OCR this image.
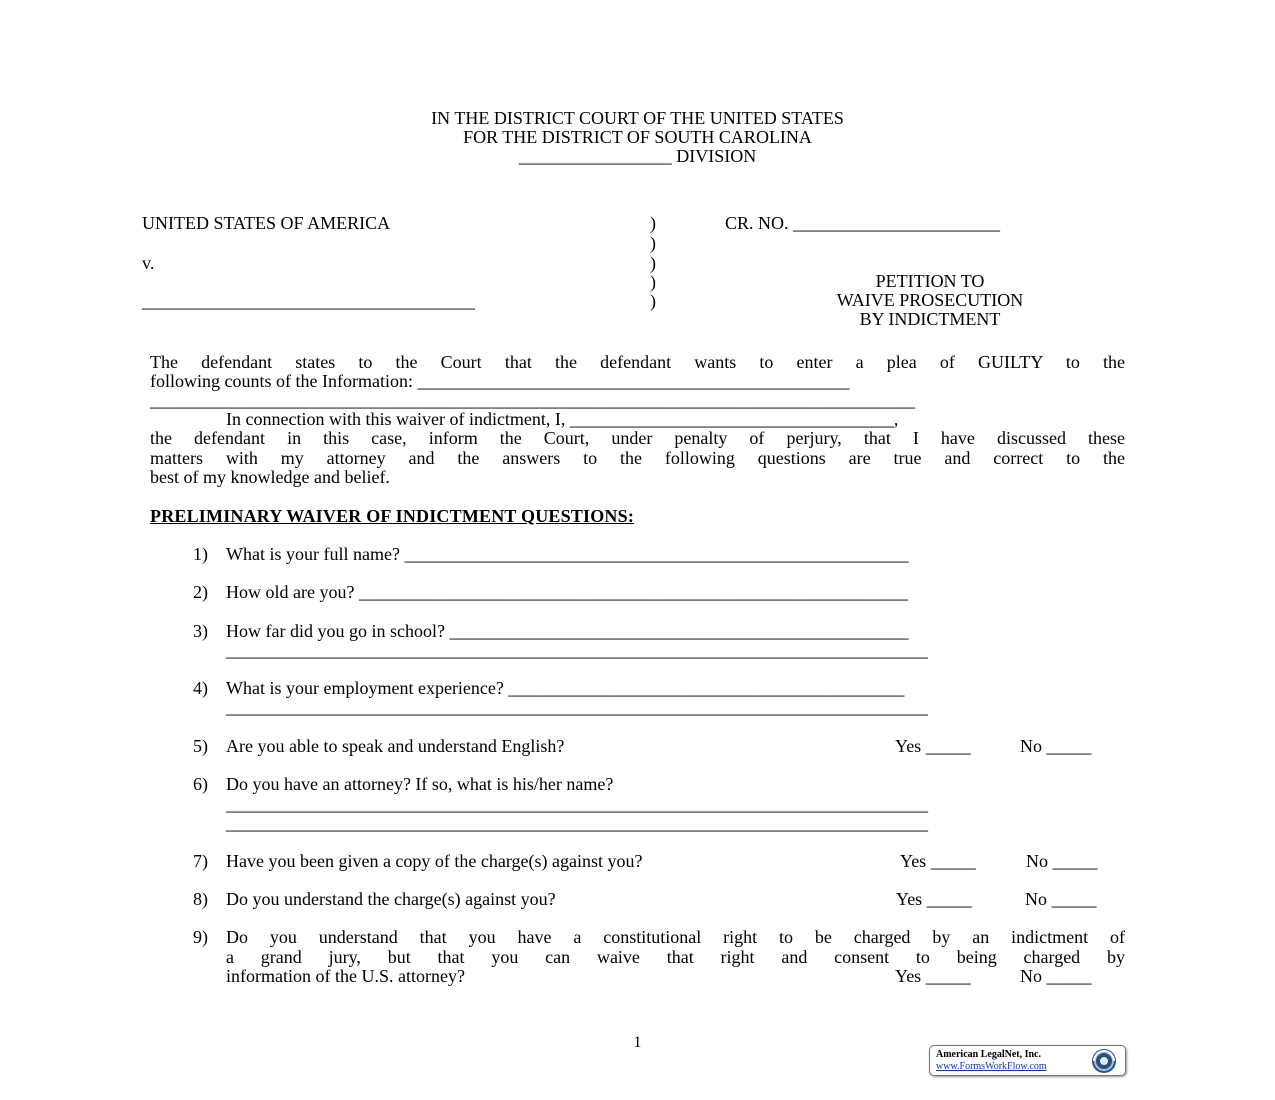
IN THE DISTRICT COURT OF THE UNITED STATES
FOR THE DISTRICT OF SOUTH CAROLINA
_________________ DIVISION
UNITED STATES OF AMERICA
v.
_____________________________________
)
)
)
)
)
CR. NO. _______________________
PETITION TO
WAIVE PROSECUTION
BY INDICTMENT
The defendant states to the Court that the defendant wants to enter a plea of GUILTY to the
following counts of the Information: ________________________________________________
_____________________________________________________________________________________
In connection with this waiver of indictment, I, ____________________________________,
the defendant in this case, inform the Court, under penalty of perjury, that I have discussed these
matters with my attorney and the answers to the following questions are true and correct to the
best of my knowledge and belief.
PRELIMINARY WAIVER OF INDICTMENT QUESTIONS:
1) What is your full name? ________________________________________________________
2) How old are you? _____________________________________________________________
3) How far did you go in school? ___________________________________________________
______________________________________________________________________________
4) What is your employment experience? ____________________________________________
______________________________________________________________________________
5) Are you able to speak and understand English?	Yes _____	No _____
6) Do you have an attorney? If so, what is his/her name?
______________________________________________________________________________
______________________________________________________________________________
7) Have you been given a copy of the charge(s) against you?	Yes _____	No _____
8) Do you understand the charge(s) against you?	Yes _____	No _____
9) Do you understand that you have a constitutional right to be charged by an indictment of
a grand jury, but that you can waive that right and consent to being charged by
information of the U.S. attorney?	Yes _____	No _____
1
American LegalNet, Inc.
www.FormsWorkFlow.com
